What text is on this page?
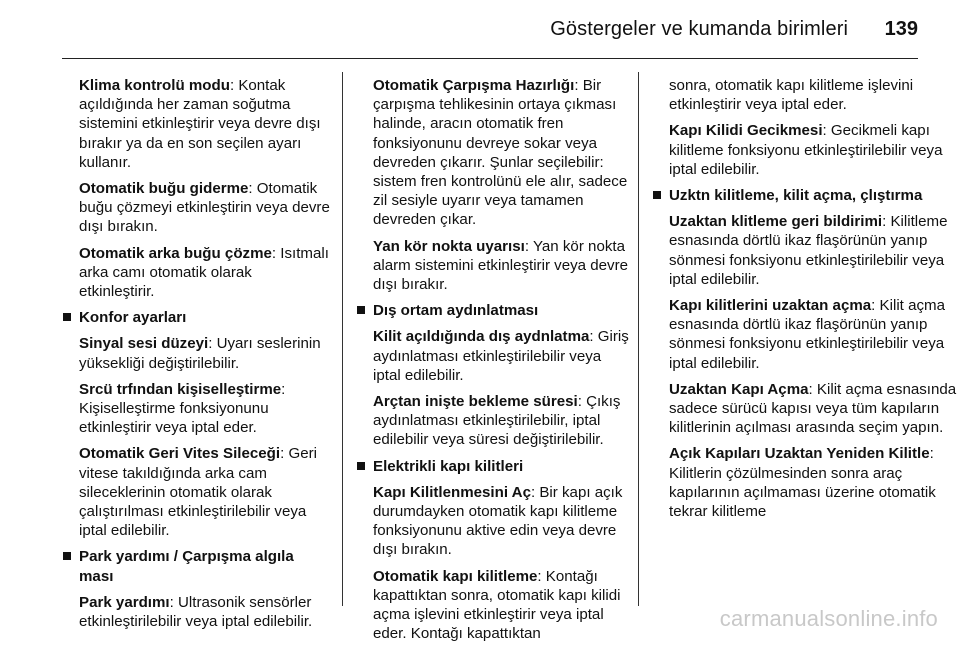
Göstergeler ve kumanda birimleri 139
Klima kontrolü modu: Kontak açıldığında her zaman soğutma sistemini etkinleştirir veya devre dışı bırakır ya da en son seçilen ayarı kullanır.
Otomatik buğu giderme: Otomatik buğu çözmeyi etkinleştirin veya devre dışı bırakın.
Otomatik arka buğu çözme: Isıtmalı arka camı otomatik olarak etkinleştirir.
Konfor ayarları
Sinyal sesi düzeyi: Uyarı seslerinin yüksekliği değiştirilebilir.
Srcü trfından kişiselleştirme: Kişiselleştirme fonksiyonunu etkinleştirir veya iptal eder.
Otomatik Geri Vites Sileceği: Geri vitese takıldığında arka cam sileceklerinin otomatik olarak çalıştırılması etkinleştirilebilir veya iptal edilebilir.
Park yardımı / Çarpışma algıla ması
Park yardımı: Ultrasonik sensörler etkinleştirilebilir veya iptal edilebilir.
Otomatik Çarpışma Hazırlığı: Bir çarpışma tehlikesinin ortaya çıkması halinde, aracın otomatik fren fonksiyonunu devreye sokar veya devreden çıkarır. Şunlar seçilebilir: sistem fren kontrolünü ele alır, sadece zil sesiyle uyarır veya tamamen devreden çıkar.
Yan kör nokta uyarısı: Yan kör nokta alarm sistemini etkinleştirir veya devre dışı bırakır.
Dış ortam aydınlatması
Kilit açıldığında dış aydnlatma: Giriş aydınlatması etkinleştirilebilir veya iptal edilebilir.
Arçtan inişte bekleme süresi: Çıkış aydınlatması etkinleştirilebilir, iptal edilebilir veya süresi değiştirilebilir.
Elektrikli kapı kilitleri
Kapı Kilitlenmesini Aç: Bir kapı açık durumdayken otomatik kapı kilitleme fonksiyonunu aktive edin veya devre dışı bırakın.
Otomatik kapı kilitleme: Kontağı kapattıktan sonra, otomatik kapı kilidi açma işlevini etkinleştirir veya iptal eder. Kontağı kapattıktan
sonra, otomatik kapı kilitleme işlevini etkinleştirir veya iptal eder.
Kapı Kilidi Gecikmesi: Gecikmeli kapı kilitleme fonksiyonu etkinleştirilebilir veya iptal edilebilir.
Uzktn kilitleme, kilit açma, çlıştırma
Uzaktan klitleme geri bildirimi: Kilitleme esnasında dörtlü ikaz flaşörünün yanıp sönmesi fonksiyonu etkinleştirilebilir veya iptal edilebilir.
Kapı kilitlerini uzaktan açma: Kilit açma esnasında dörtlü ikaz flaşörünün yanıp sönmesi fonksiyonu etkinleştirilebilir veya iptal edilebilir.
Uzaktan Kapı Açma: Kilit açma esnasında sadece sürücü kapısı veya tüm kapıların kilitlerinin açılması arasında seçim yapın.
Açık Kapıları Uzaktan Yeniden Kilitle: Kilitlerin çözülmesinden sonra araç kapılarının açılmaması üzerine otomatik tekrar kilitleme
carmanualsonline.info
